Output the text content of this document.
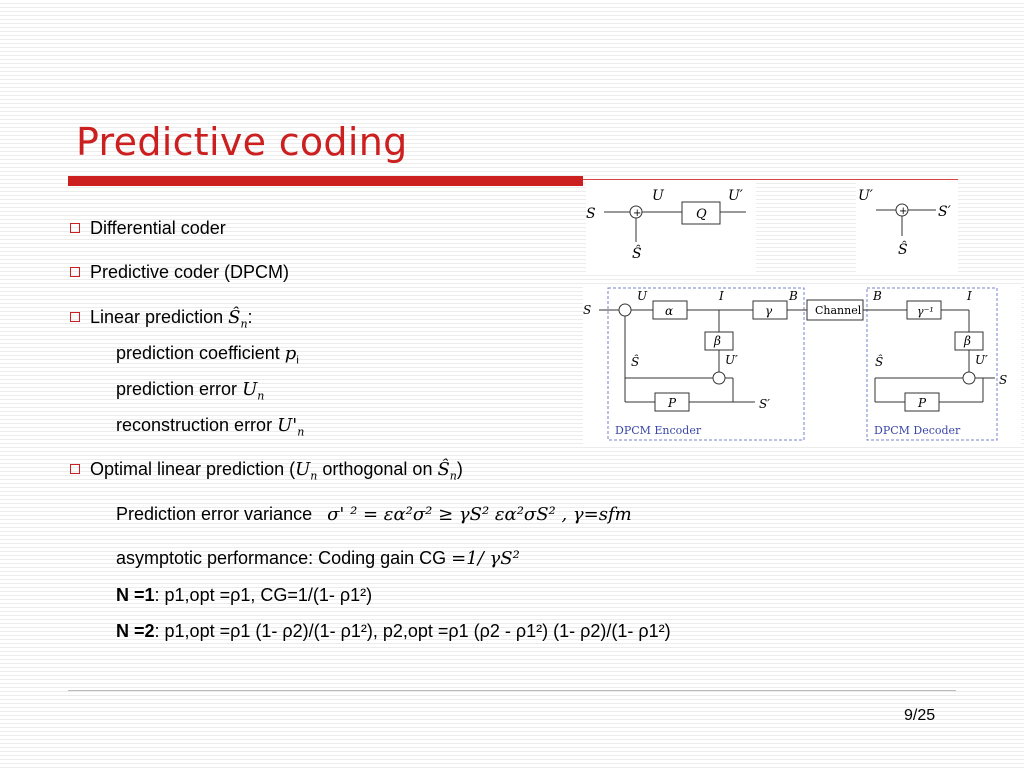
Predictive coding
Differential coder
Predictive coder (DPCM)
Linear prediction $Ŝ_n$:
prediction coefficient $p_i$
prediction error $U_n$
reconstruction error $U'_n$
Optimal linear prediction ($U_n$ orthogonal on $Ŝ_n$)
Prediction error variance σ' ² = εα²σ² ≥ γS² εα²σS² , γ=sfm
asymptotic performance: Coding gain CG =1/ γS²
N =1: p1,opt =ρ1, CG=1/(1- ρ1²)
N =2: p1,opt =ρ1 (1- ρ2)/(1- ρ1²), p2,opt =ρ1 (ρ2 - ρ1²) (1- ρ2)/(1- ρ1²)
S
U
Q
U′
Ŝ
U′
S′
Ŝ
+	+
S
U
α
I
γ
B
Channel
B
γ⁻¹
I
β	β
U′	U′
Ŝ	Ŝ
P	P
S′
S
DPCM Encoder	DPCM Decoder
9/25
